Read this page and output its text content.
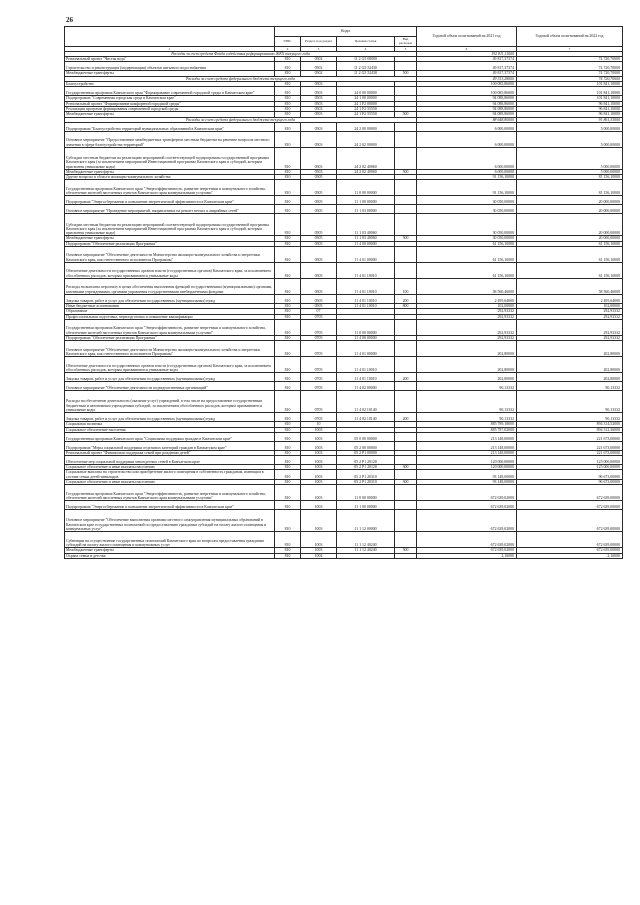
26
	Коды				Годовой объем ассигнований на 2021 год	Годовой объем ассигнований на 2022 год
	ГРБС	Раздел, под-раздел	Целевая статья	Вид расходов		
1	2	3	4	5	6	7
Расходы за счет средств Фонда содействия реформированию ЖКХ текущего года					192 811,11000	
Региональный проект "Чистая вода"	810	0502	11 2 G5 00000		49 817,37374	74 720,70000
Строительство и реконструкция (модернизация) объектов питьевого водоснабжения	810	0502	11 2 G5 52430		49 817,37374	74 720,70000
Межбюджетные трансферты	810	0502	11 2 G5 52430	500	49 817,37374	74 720,70000
Расходы за счет средств федерального бюджета текущего года					49 313,28000	74 720,70000
Благоустройство	810	0503			100 085,86000	101 841,10000
Государственная программа Камчатского края "Формирование современной городской среды в Камчатском крае"	810	0503	24 0 00 00000		100 085,86000	101 841,10000
Подпрограмма "Современная городская среда в Камчатском крае"	810	0503	24 1 00 00000		94 088,86000	101 841,10000
Региональный проект "Формирование комфортной городской среды"	810	0503	24 1 F2 00000		94 088,86000	96 841,10000
Реализация программ формирования современной городской среды	810	0503	24 1 F2 55550		94 088,86000	96 841,10000
Межбюджетные трансферты	810	0503	24 1 F2 55550	500	94 088,86000	96 841,10000
Расходы за счет средств федерального бюджета текущего года					88 648,80000	91 861,33000
Подпрограмма "Благоустройство территорий муниципальных образований в Камчатском крае"	810	0503	24 2 00 00000		6 000,00000	5 000,00000
Основное мероприятие "Предоставление межбюджетных трансфертов местным бюджетам на решение вопросов местного значения в сфере благоустройства территорий"	810	0503	24 2 02 00000		6 000,00000	5 000,00000
Субсидии местным бюджетам на реализацию мероприятий соответствующей подпрограммы государственной программы Камчатского края (за исключением мероприятий Инвестиционной программы Камчатского края и субсидий, которым присвоены уникальные коды)	810	0503	24 2 02 40060		6 000,00000	5 000,00000
Межбюджетные трансферты	810	0503	24 2 02 40060	500	6 000,00000	5 000,00000
Другие вопросы в области жилищно-коммунального хозяйства	810	0505			91 156,10000	81 156,10000
Государственная программа Камчатского края "Энергоэффективность, развитие энергетики и коммунального хозяйства, обеспечение жителей населенных пунктов Камчатского края коммунальными услугами"	810	0505	11 0 00 00000		91 156,10000	81 156,10000
Подпрограмма "Энергосбережение и повышение энергетической эффективности в Камчатском крае"	810	0505	11 1 00 00000		30 050,00000	20 000,00000
Основное мероприятие "Проведение мероприятий, направленных на ремонт ветхих и аварийных сетей"	810	0505	11 1 03 00000		30 050,00000	20 000,00000
Субсидии местным бюджетам на реализацию мероприятий соответствующей подпрограммы государственной программы Камчатского края (за исключением мероприятий Инвестиционной программы Камчатского края и субсидий, которым присвоены уникальные коды)	810	0505	11 1 03 40060		30 050,00000	20 000,00000
Межбюджетные трансферты	810	0505	11 1 03 40060	500	30 050,00000	20 000,00000
Подпрограмма "Обеспечение реализации Программы"	810	0505	11 4 00 00000		61 156,10000	61 156,10000
Основное мероприятие "Обеспечение деятельности Министерства жилищно-коммунального хозяйства и энергетики Камчатского края, как ответственного исполнителя Программы"	810	0505	11 4 01 00000		61 156,10000	61 156,10000
Обеспечение деятельности государственных органов власти (государственных органов) Камчатского края, за исключением обособленных расходов, которым присваиваются уникальные коды	810	0505	11 4 01 10010		61 156,10000	61 156,10000
Расходы на выплаты персоналу в целях обеспечения выполнения функций государственными (муниципальными) органами, казенными учреждениями, органами управления государственными внебюджетными фондами	810	0505	11 4 01 10010	100	58 560,46000	58 560,46000
Закупка товаров, работ и услуг для обеспечения государственных (муниципальных) нужд	810	0505	11 4 01 10010	200	2 495,64000	2 495,64000
Иные бюджетные ассигнования	810	0505	11 4 01 10010	800	102,00000	102,00000
Образование	810	07			292,93332	292,93332
Профессиональная подготовка, переподготовка и повышение квалификации	810	0705			292,93332	292,93332
Государственная программа Камчатского края "Энергоэффективность, развитие энергетики и коммунального хозяйства, обеспечение жителей населенных пунктов Камчатского края коммунальными услугами"	810	0705	11 0 00 00000		292,93332	292,93332
Подпрограмма "Обеспечение реализации Программы"	810	0705	11 4 00 00000		292,93332	292,93332
Основное мероприятие "Обеспечение деятельности Министерства жилищно-коммунального хозяйства и энергетики Камчатского края, как ответственного исполнителя Программы"	810	0705	11 4 01 00000		202,80000	202,80000
Обеспечение деятельности государственных органов власти (государственных органов) Камчатского края, за исключением обособленных расходов, которым присваиваются уникальные коды	810	0705	11 4 01 10010		202,80000	202,80000
Закупка товаров, работ и услуг для обеспечения государственных (муниципальных) нужд	810	0705	11 4 01 10010	200	202,80000	202,80000
Основное мероприятие "Обеспечение деятельности подведомственных организаций"	810	0705	11 4 02 00000		90,13332	90,13332
Расходы на обеспечение деятельности (оказание услуг) учреждений, в том числе на предоставление государственным бюджетным и автономным учреждениям субсидий, за исключением обособленных расходов, которым присваиваются уникальные коды	810	0705	11 4 02 10140		90,13332	90,13332
Закупка товаров, работ и услуг для обеспечения государственных (муниципальных) нужд	810	0705	11 4 02 10140	200	90,13332	90,13332
Социальная политика	810	10			885 789,18000	894 314,52000
Социальное обеспечение населения	810	1003			885 787,02000	894 312,36000
Государственная программа Камчатского края "Социальная поддержка граждан в Камчатском крае"	810	1003	05 0 00 00000		213 148,00000	221 673,00000
Подпрограмма "Меры социальной поддержки отдельных категорий граждан в Камчатском крае"	810	1003	05 2 00 00000		213 148,00000	221 673,00000
Региональный проект "Финансовая поддержка семей при рождении детей"	810	1003	05 2 P1 00000		213 148,00000	221 673,00000
Обеспечение мер социальной поддержки многодетных семей в Камчатском крае	810	1003	05 2 P1 20120		120 000,00000	125 000,00000
Социальное обеспечение и иные выплаты населению	810	1003	05 2 P1 20120	300	120 000,00000	125 000,00000
Социальные выплаты на строительство или приобретение жилого помещения в собственность гражданам, имеющим в составе семьи детей-инвалидов	810	1003	05 2 P1 20310		93 148,00000	96 673,00000
Социальное обеспечение и иные выплаты населению	810	1003	05 2 P1 20310	300	93 148,00000	96 673,00000
Государственная программа Камчатского края "Энергоэффективность, развитие энергетики и коммунального хозяйства, обеспечение жителей населенных пунктов Камчатского края коммунальными услугами"	810	1003	11 0 00 00000		672 639,02000	672 639,00000
Подпрограмма "Энергосбережение и повышение энергетической эффективности в Камчатском крае"	810	1003	11 1 00 00000		672 639,02000	672 639,00000
Основное мероприятие "Обеспечение выполнения органами местного самоуправления муниципальных образований в Камчатском крае государственных полномочий по предоставлению гражданам субсидий на оплату жилого помещения и коммунальных услуг"	810	1003	11 1 12 00000		672 639,02000	672 639,00000
Субвенции на осуществление государственных полномочий Камчатского края по вопросам предоставления гражданам субсидий на оплату жилого помещения и коммунальных услуг	810	1003	11 1 12 40240		672 639,02000	672 639,00000
Межбюджетные трансферты	810	1003	11 1 12 40240	500	672 639,02000	672 639,00000
Охрана семьи и детства	810	1004			2,16000	2,16000
